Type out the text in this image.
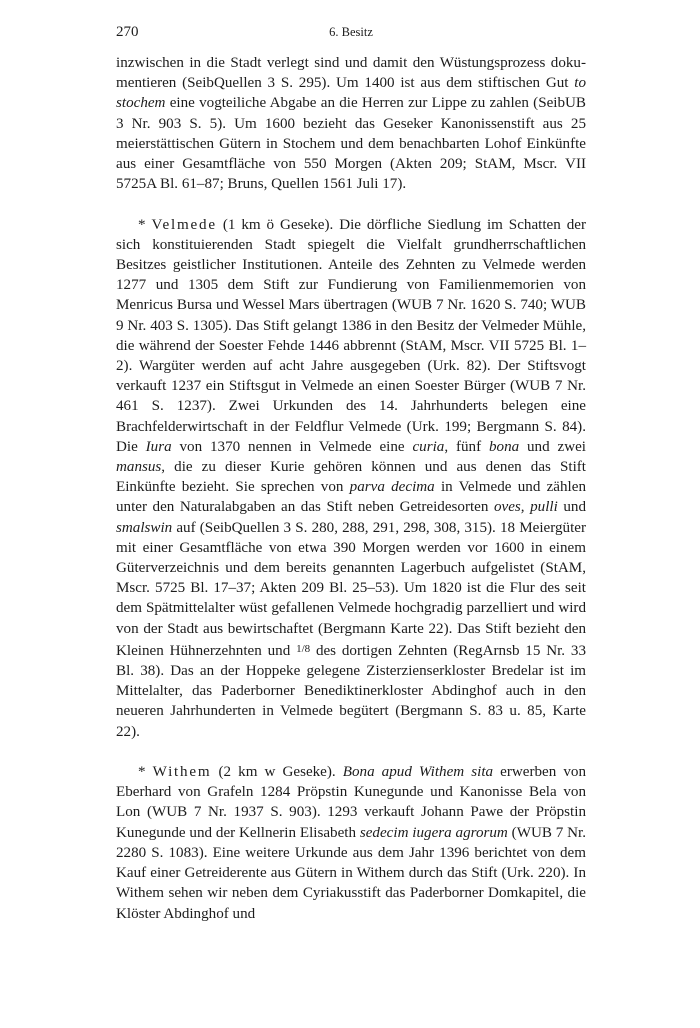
270	6. Besitz

inzwischen in die Stadt verlegt sind und damit den Wüstungsprozess dokumentieren (SeibQuellen 3 S. 295). Um 1400 ist aus dem stiftischen Gut to stochem eine vogteiliche Abgabe an die Herren zur Lippe zu zahlen (SeibUB 3 Nr. 903 S. 5). Um 1600 bezieht das Geseker Kanonissenstift aus 25 meierstättischen Gütern in Stochem und dem benachbarten Lohof Einkünfte aus einer Gesamtfläche von 550 Morgen (Akten 209; StAM, Mscr. VII 5725A Bl. 61–87; Bruns, Quellen 1561 Juli 17).

* Velmede (1 km ö Geseke). Die dörfliche Siedlung im Schatten der sich konstituierenden Stadt spiegelt die Vielfalt grundherrschaftlichen Besitzes geistlicher Institutionen. Anteile des Zehnten zu Velmede werden 1277 und 1305 dem Stift zur Fundierung von Familienmemorien von Menricus Bursa und Wessel Mars übertragen (WUB 7 Nr. 1620 S. 740; WUB 9 Nr. 403 S. 1305). Das Stift gelangt 1386 in den Besitz der Velmeder Mühle, die während der Soester Fehde 1446 abbrennt (StAM, Mscr. VII 5725 Bl. 1–2). Wargüter werden auf acht Jahre ausgegeben (Urk. 82). Der Stiftsvogt verkauft 1237 ein Stiftsgut in Velmede an einen Soester Bürger (WUB 7 Nr. 461 S. 1237). Zwei Urkunden des 14. Jahrhunderts belegen eine Brachfelderwirtschaft in der Feldflur Velmede (Urk. 199; Bergmann S. 84). Die Iura von 1370 nennen in Velmede eine curia, fünf bona und zwei mansus, die zu dieser Kurie gehören können und aus denen das Stift Einkünfte bezieht. Sie sprechen von parva decima in Velmede und zählen unter den Naturalabgaben an das Stift neben Getreidesorten oves, pulli und smalswin auf (SeibQuellen 3 S. 280, 288, 291, 298, 308, 315). 18 Meiergüter mit einer Gesamtfläche von etwa 390 Morgen werden vor 1600 in einem Güterverzeichnis und dem bereits genannten Lagerbuch aufgelistet (StAM, Mscr. 5725 Bl. 17–37; Akten 209 Bl. 25–53). Um 1820 ist die Flur des seit dem Spätmittelalter wüst gefallenen Velmede hochgradig parzelliert und wird von der Stadt aus bewirtschaftet (Bergmann Karte 22). Das Stift bezieht den Kleinen Hühnerzehnten und 1/8 des dortigen Zehnten (RegArnsb 15 Nr. 33 Bl. 38). Das an der Hoppeke gelegene Zisterzienserkloster Bredelar ist im Mittelalter, das Paderborner Benediktinerkloster Abdinghof auch in den neueren Jahrhunderten in Velmede begütert (Bergmann S. 83 u. 85, Karte 22).

* Withem (2 km w Geseke). Bona apud Withem sita erwerben von Eberhard von Grafeln 1284 Pröpstin Kunegunde und Kanonisse Bela von Lon (WUB 7 Nr. 1937 S. 903). 1293 verkauft Johann Pawe der Pröpstin Kunegunde und der Kellnerin Elisabeth sedecim iugera agrorum (WUB 7 Nr. 2280 S. 1083). Eine weitere Urkunde aus dem Jahr 1396 berichtet von dem Kauf einer Getreiderente aus Gütern in Withem durch das Stift (Urk. 220). In Withem sehen wir neben dem Cyriakusstift das Paderborner Domkapitel, die Klöster Abdinghof und
